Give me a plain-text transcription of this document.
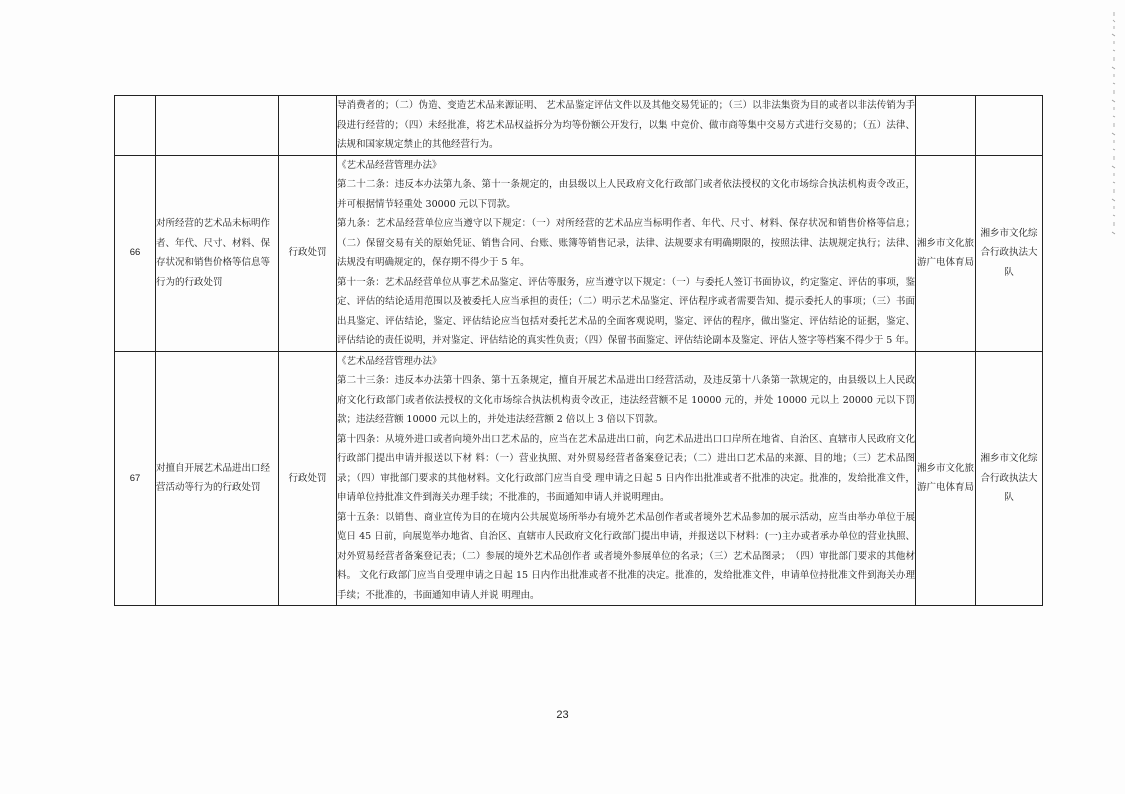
			导消费者的；（二）伪造、变造艺术品来源证明、 艺术品鉴定评估文件以及其他交易凭证的；（三）以非法集资为目的或者以非法传销为手段进行经营的；（四）未经批准，将艺术品权益拆分为均等份额公开发行，以集 中竞价、做市商等集中交易方式进行交易的；（五）法律、法规和国家规定禁止的其他经营行为。		

66	对所经营的艺术品未标明作者、年代、尺寸、材料、保存状况和销售价格等信息等行为的行政处罚	行政处罚	《艺术品经营管理办法》

第二十二条：违反本办法第九条、第十一条规定的，由县级以上人民政府文化行政部门或者依法授权的文化市场综合执法机构责令改正，并可根据情节轻重处 30000 元以下罚款。

第九条：艺术品经营单位应当遵守以下规定：（一）对所经营的艺术品应当标明作者、年代、尺寸、材料、保存状况和销售价格等信息；（二）保留交易有关的原始凭证、销售合同、台账、账簿等销售记录，法律、法规要求有明确期限的，按照法律、法规规定执行；法律、法规没有明确规定的，保存期不得少于 5 年。

第十一条：艺术品经营单位从事艺术品鉴定、评估等服务，应当遵守以下规定：（一）与委托人签订书面协议，约定鉴定、评估的事项，鉴定、评估的结论适用范围以及被委托人应当承担的责任；（二）明示艺术品鉴定、评估程序或者需要告知、提示委托人的事项；（三）书面出具鉴定、评估结论，鉴定、评估结论应当包括对委托艺术品的全面客观说明，鉴定、评估的程序，做出鉴定、评估结论的证据，鉴定、评估结论的责任说明，并对鉴定、评估结论的真实性负责；（四）保留书面鉴定、评估结论副本及鉴定、评估人签字等档案不得少于 5 年。	湘乡市文化旅游广电体育局	湘乡市文化综合行政执法大队
67	对擅自开展艺术品进出口经营活动等行为的行政处罚	行政处罚	《艺术品经营管理办法》

第二十三条：违反本办法第十四条、第十五条规定，擅自开展艺术品进出口经营活动，及违反第十八条第一款规定的，由县级以上人民政府文化行政部门或者依法授权的文化市场综合执法机构责令改正，违法经营额不足 10000 元的，并处 10000 元以上 20000 元以下罚款；违法经营额 10000 元以上的，并处违法经营额 2 倍以上 3 倍以下罚款。

第十四条：从境外进口或者向境外出口艺术品的，应当在艺术品进出口前，向艺术品进出口口岸所在地省、自治区、直辖市人民政府文化行政部门提出申请并报送以下材 料：（一）营业执照、对外贸易经营者备案登记表；（二）进出口艺术品的来源、目的地；（三）艺术品图录；（四）审批部门要求的其他材料。文化行政部门应当自受 理申请之日起 5 日内作出批准或者不批准的决定。批准的，发给批准文件，申请单位持批准文件到海关办理手续；不批准的，书面通知申请人并说明理由。

第十五条：以销售、商业宣传为目的在境内公共展览场所举办有境外艺术品创作者或者境外艺术品参加的展示活动，应当由举办单位于展览日 45 日前，向展览举办地省、自治区、直辖市人民政府文化行政部门提出申请，并报送以下材料：(一)主办或者承办单位的营业执照、对外贸易经营者备案登记表；（二）参展的境外艺术品创作者 或者境外参展单位的名录；（三）艺术品图录；　（四）审批部门要求的其他材料。 文化行政部门应当自受理申请之日起 15 日内作出批准或者不批准的决定。批准的，发给批准文件，申请单位持批准文件到海关办理手续；不批准的，书面通知申请人并说 明理由。	湘乡市文化旅游广电体育局	湘乡市文化综合行政执法大队
23
